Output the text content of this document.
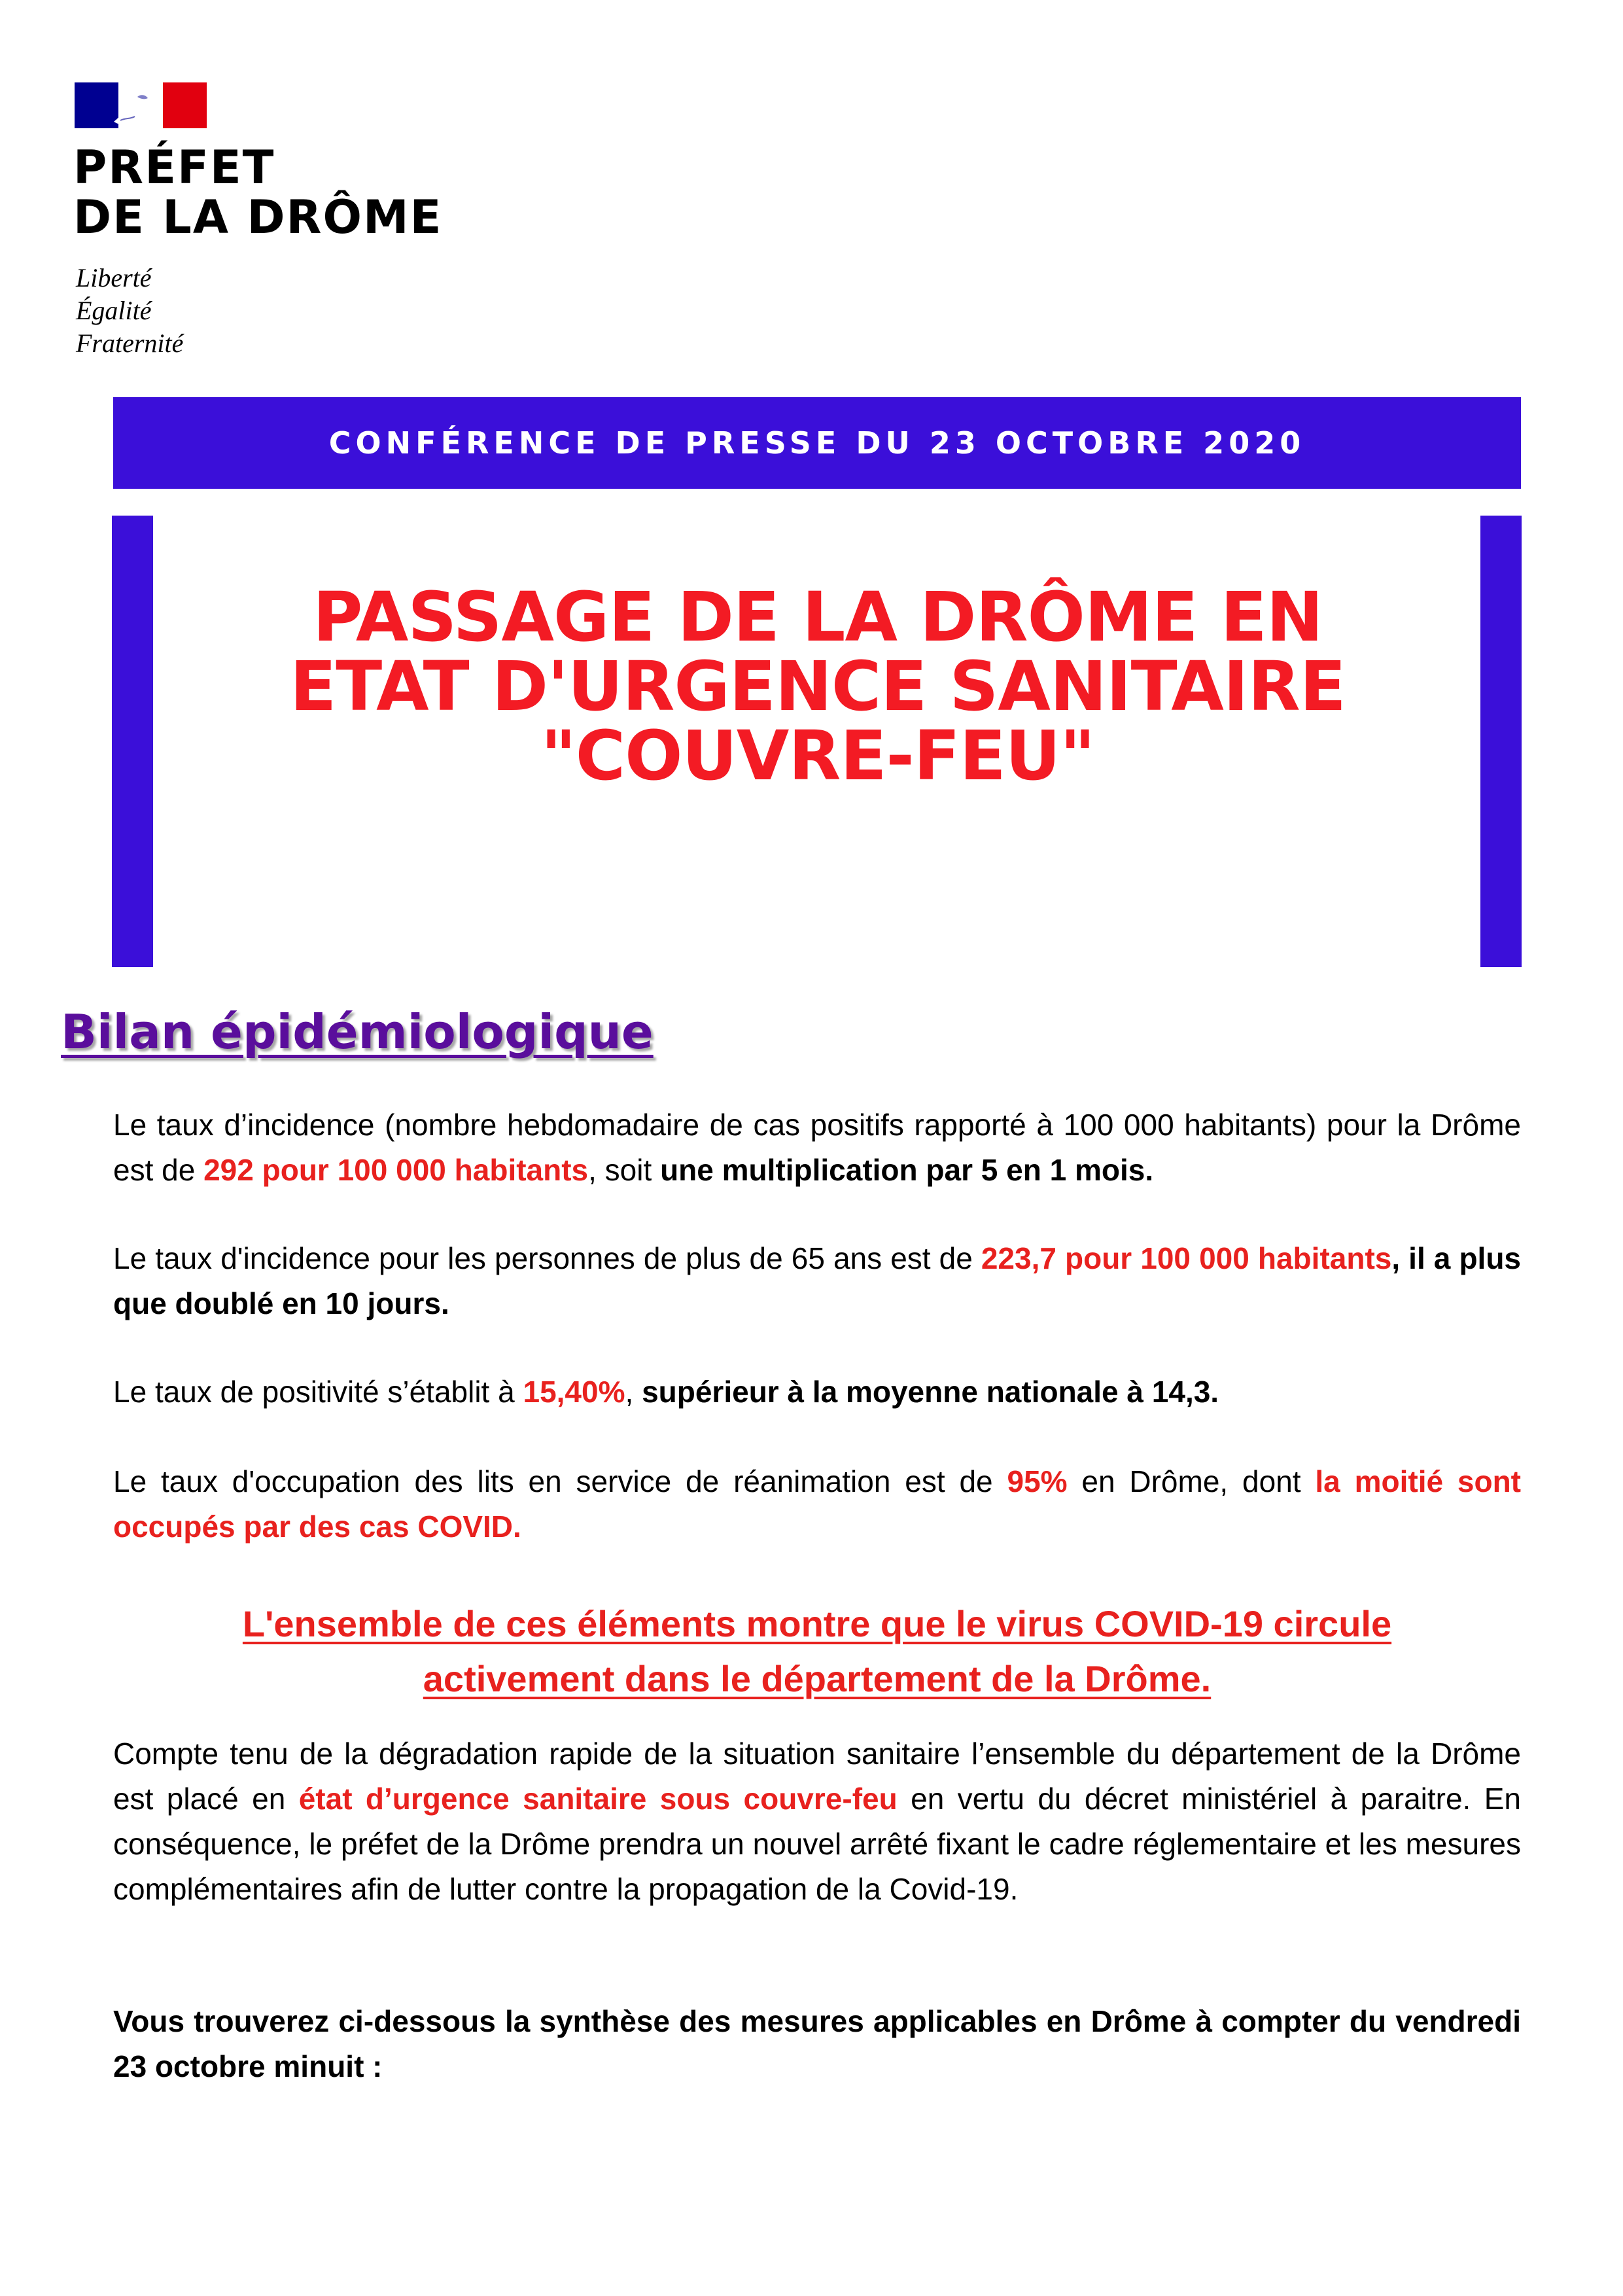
PRÉFET
DE LA DRÔME
Liberté
Égalité
Fraternité
CONFÉRENCE DE PRESSE DU 23 OCTOBRE 2020
PASSAGE DE LA DRÔME EN
ETAT D'URGENCE SANITAIRE
"COUVRE-FEU"
Bilan épidémiologique

Le taux d’incidence (nombre hebdomadaire de cas positifs rapporté à 100 000 habitants) pour la Drôme est de 292 pour 100 000 habitants, soit une multiplication par 5 en 1 mois.

Le taux d'incidence pour les personnes de plus de 65 ans est de 223,7 pour 100 000 habitants, il a plus que doublé en 10 jours.

Le taux de positivité s’établit à 15,40%, supérieur à la moyenne nationale à 14,3.

Le taux d'occupation des lits en service de réanimation est de 95% en Drôme, dont la moitié sont occupés par des cas COVID.

L'ensemble de ces éléments montre que le virus COVID-19 circule
activement dans le département de la Drôme.

Compte tenu de la dégradation rapide de la situation sanitaire l’ensemble du département de la Drôme est placé en état d’urgence sanitaire sous couvre-feu en vertu du décret ministériel à paraitre. En conséquence, le préfet de la Drôme prendra un nouvel arrêté fixant le cadre réglementaire et les mesures complémentaires afin de lutter contre la propagation de la Covid-19.

Vous trouverez ci-dessous la synthèse des mesures applicables en Drôme à compter du vendredi 23 octobre minuit :
